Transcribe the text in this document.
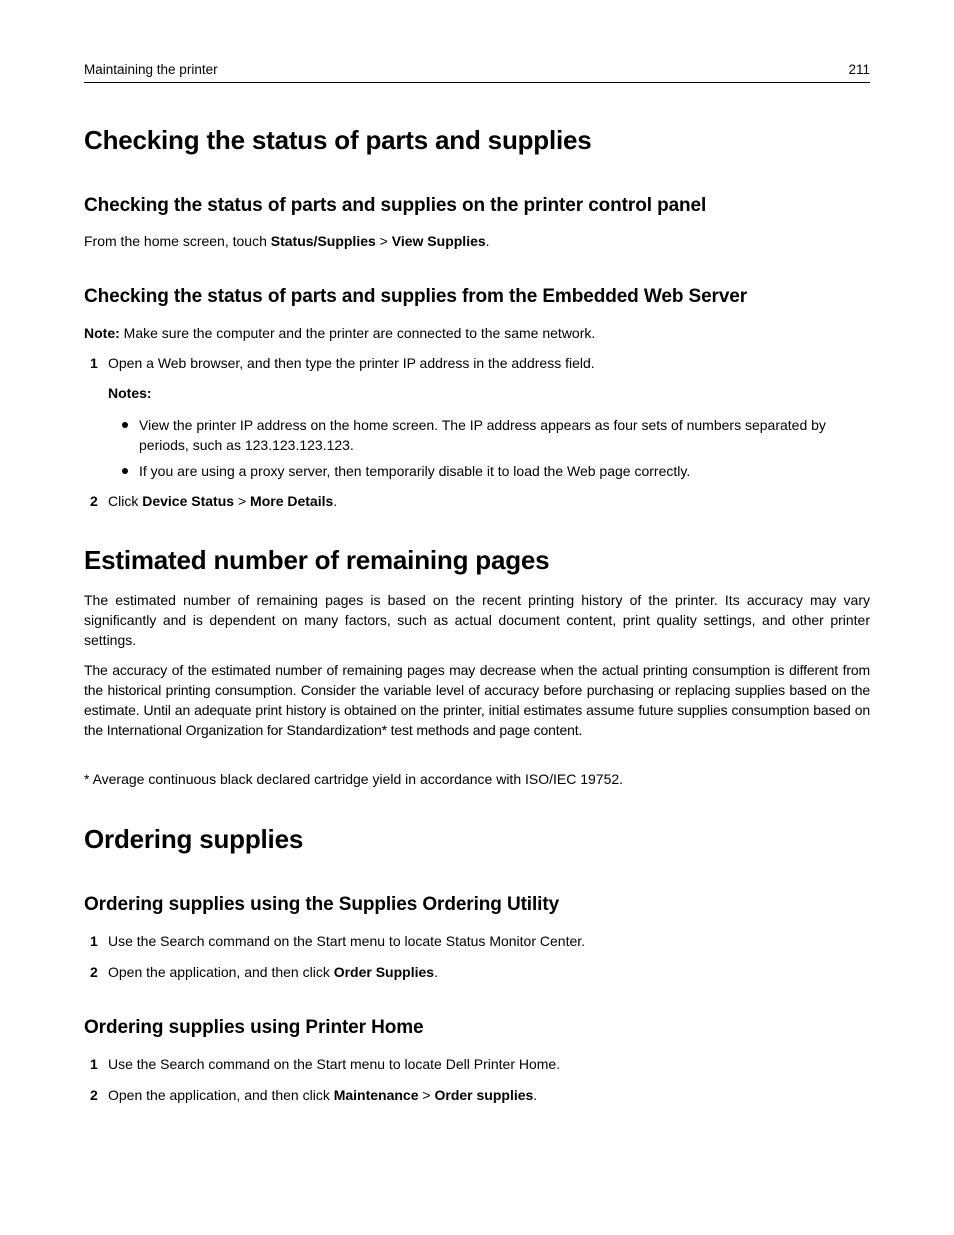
Maintaining the printer	211
Checking the status of parts and supplies
Checking the status of parts and supplies on the printer control panel

From the home screen, touch Status/Supplies > View Supplies.

Checking the status of parts and supplies from the Embedded Web Server

Note: Make sure the computer and the printer are connected to the same network.

1 Open a Web browser, and then type the printer IP address in the address field.

Notes:

View the printer IP address on the home screen. The IP address appears as four sets of numbers separated by periods, such as 123.123.123.123.
If you are using a proxy server, then temporarily disable it to load the Web page correctly.
2 Click Device Status > More Details.
Estimated number of remaining pages

The estimated number of remaining pages is based on the recent printing history of the printer. Its accuracy may vary significantly and is dependent on many factors, such as actual document content, print quality settings, and other printer settings.

The accuracy of the estimated number of remaining pages may decrease when the actual printing consumption is different from the historical printing consumption. Consider the variable level of accuracy before purchasing or replacing supplies based on the estimate. Until an adequate print history is obtained on the printer, initial estimates assume future supplies consumption based on the International Organization for Standardization* test methods and page content.

* Average continuous black declared cartridge yield in accordance with ISO/IEC 19752.

Ordering supplies
Ordering supplies using the Supplies Ordering Utility
1 Use the Search command on the Start menu to locate Status Monitor Center.
2 Open the application, and then click Order Supplies.
Ordering supplies using Printer Home
1 Use the Search command on the Start menu to locate Dell Printer Home.
2 Open the application, and then click Maintenance > Order supplies.
